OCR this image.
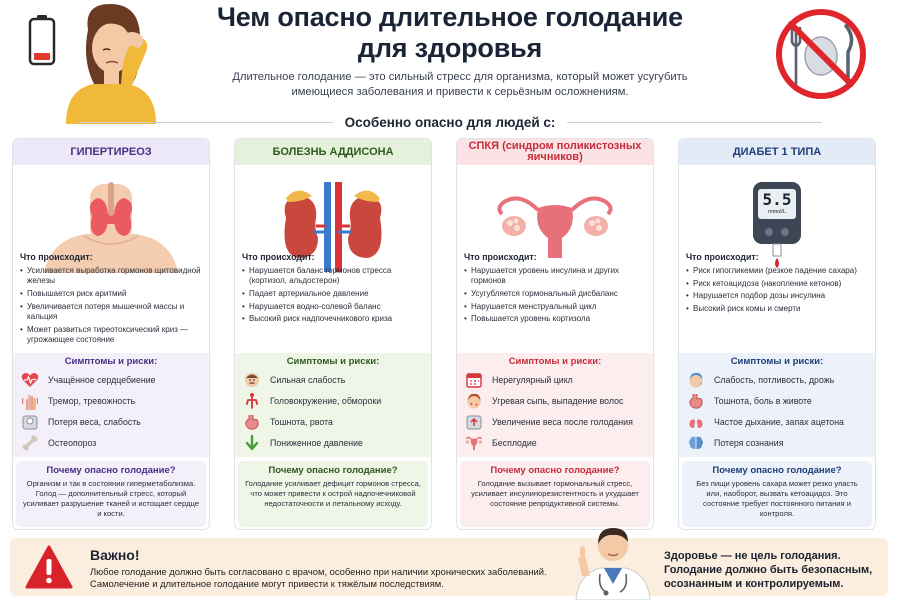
Чем опасно длительное голодание
для здоровья
Длительное голодание — это сильный стресс для организма, который может усугубить
имеющиеся заболевания и привести к серьёзным осложнениям.
Особенно опасно для людей с:
ГИПЕРТИРЕОЗ
Что происходит:
• Усиливается выработка гормонов щитовидной железы
• Повышается риск аритмий
• Увеличивается потеря мышечной массы и кальция
• Может развиться тиреотоксический криз — угрожающее состояние
Симптомы и риски:
Учащённое сердцебиение
Тремор, тревожность
Потеря веса, слабость
Остеопороз
Почему опасно голодание?
Организм и так в состоянии гиперметаболизма. Голод — дополнительный стресс, который усиливает разрушение тканей и истощает сердце и кости.
БОЛЕЗНЬ АДДИСОНА
Что происходит:
• Нарушается баланс гормонов стресса (кортизол, альдостерон)
• Падает артериальное давление
• Нарушается водно-солевой баланс
• Высокий риск надпочечникового криза
Симптомы и риски:
Сильная слабость
Головокружение, обмороки
Тошнота, рвота
Пониженное давление
Почему опасно голодание?
Голодание усиливает дефицит гормонов стресса, что может привести к острой надпочечниковой недостаточности и летальному исходу.
СПКЯ (синдром поликистозных яичников)
Что происходит:
• Нарушается уровень инсулина и других гормонов
• Усугубляется гормональный дисбаланс
• Нарушается менструальный цикл
• Повышается уровень кортизола
Симптомы и риски:
Нерегулярный цикл
Угревая сыпь, выпадение волос
Увеличение веса после голодания
Бесплодие
Почему опасно голодание?
Голодание вызывает гормональный стресс, усиливает инсулинорезистентность и ухудшает состояние репродуктивной системы.
ДИАБЕТ 1 ТИПА
5.5
mmol/L
Что происходит:
• Риск гипогликемии (резкое падение сахара)
• Риск кетоацидоза (накопление кетонов)
• Нарушается подбор дозы инсулина
• Высокий риск комы и смерти
Симптомы и риски:
Слабость, потливость, дрожь
Тошнота, боль в животе
Частое дыхание, запах ацетона
Потеря сознания
Почему опасно голодание?
Без пищи уровень сахара может резко упасть или, наоборот, вызвать кетоацидоз. Это состояние требует постоянного питания и контроля.
Важно!
Любое голодание должно быть согласовано с врачом, особенно при наличии хронических заболеваний.
Самолечение и длительное голодание могут привести к тяжёлым последствиям.
Здоровье — не цель голодания.
Голодание должно быть безопасным,
осознанным и контролируемым.
